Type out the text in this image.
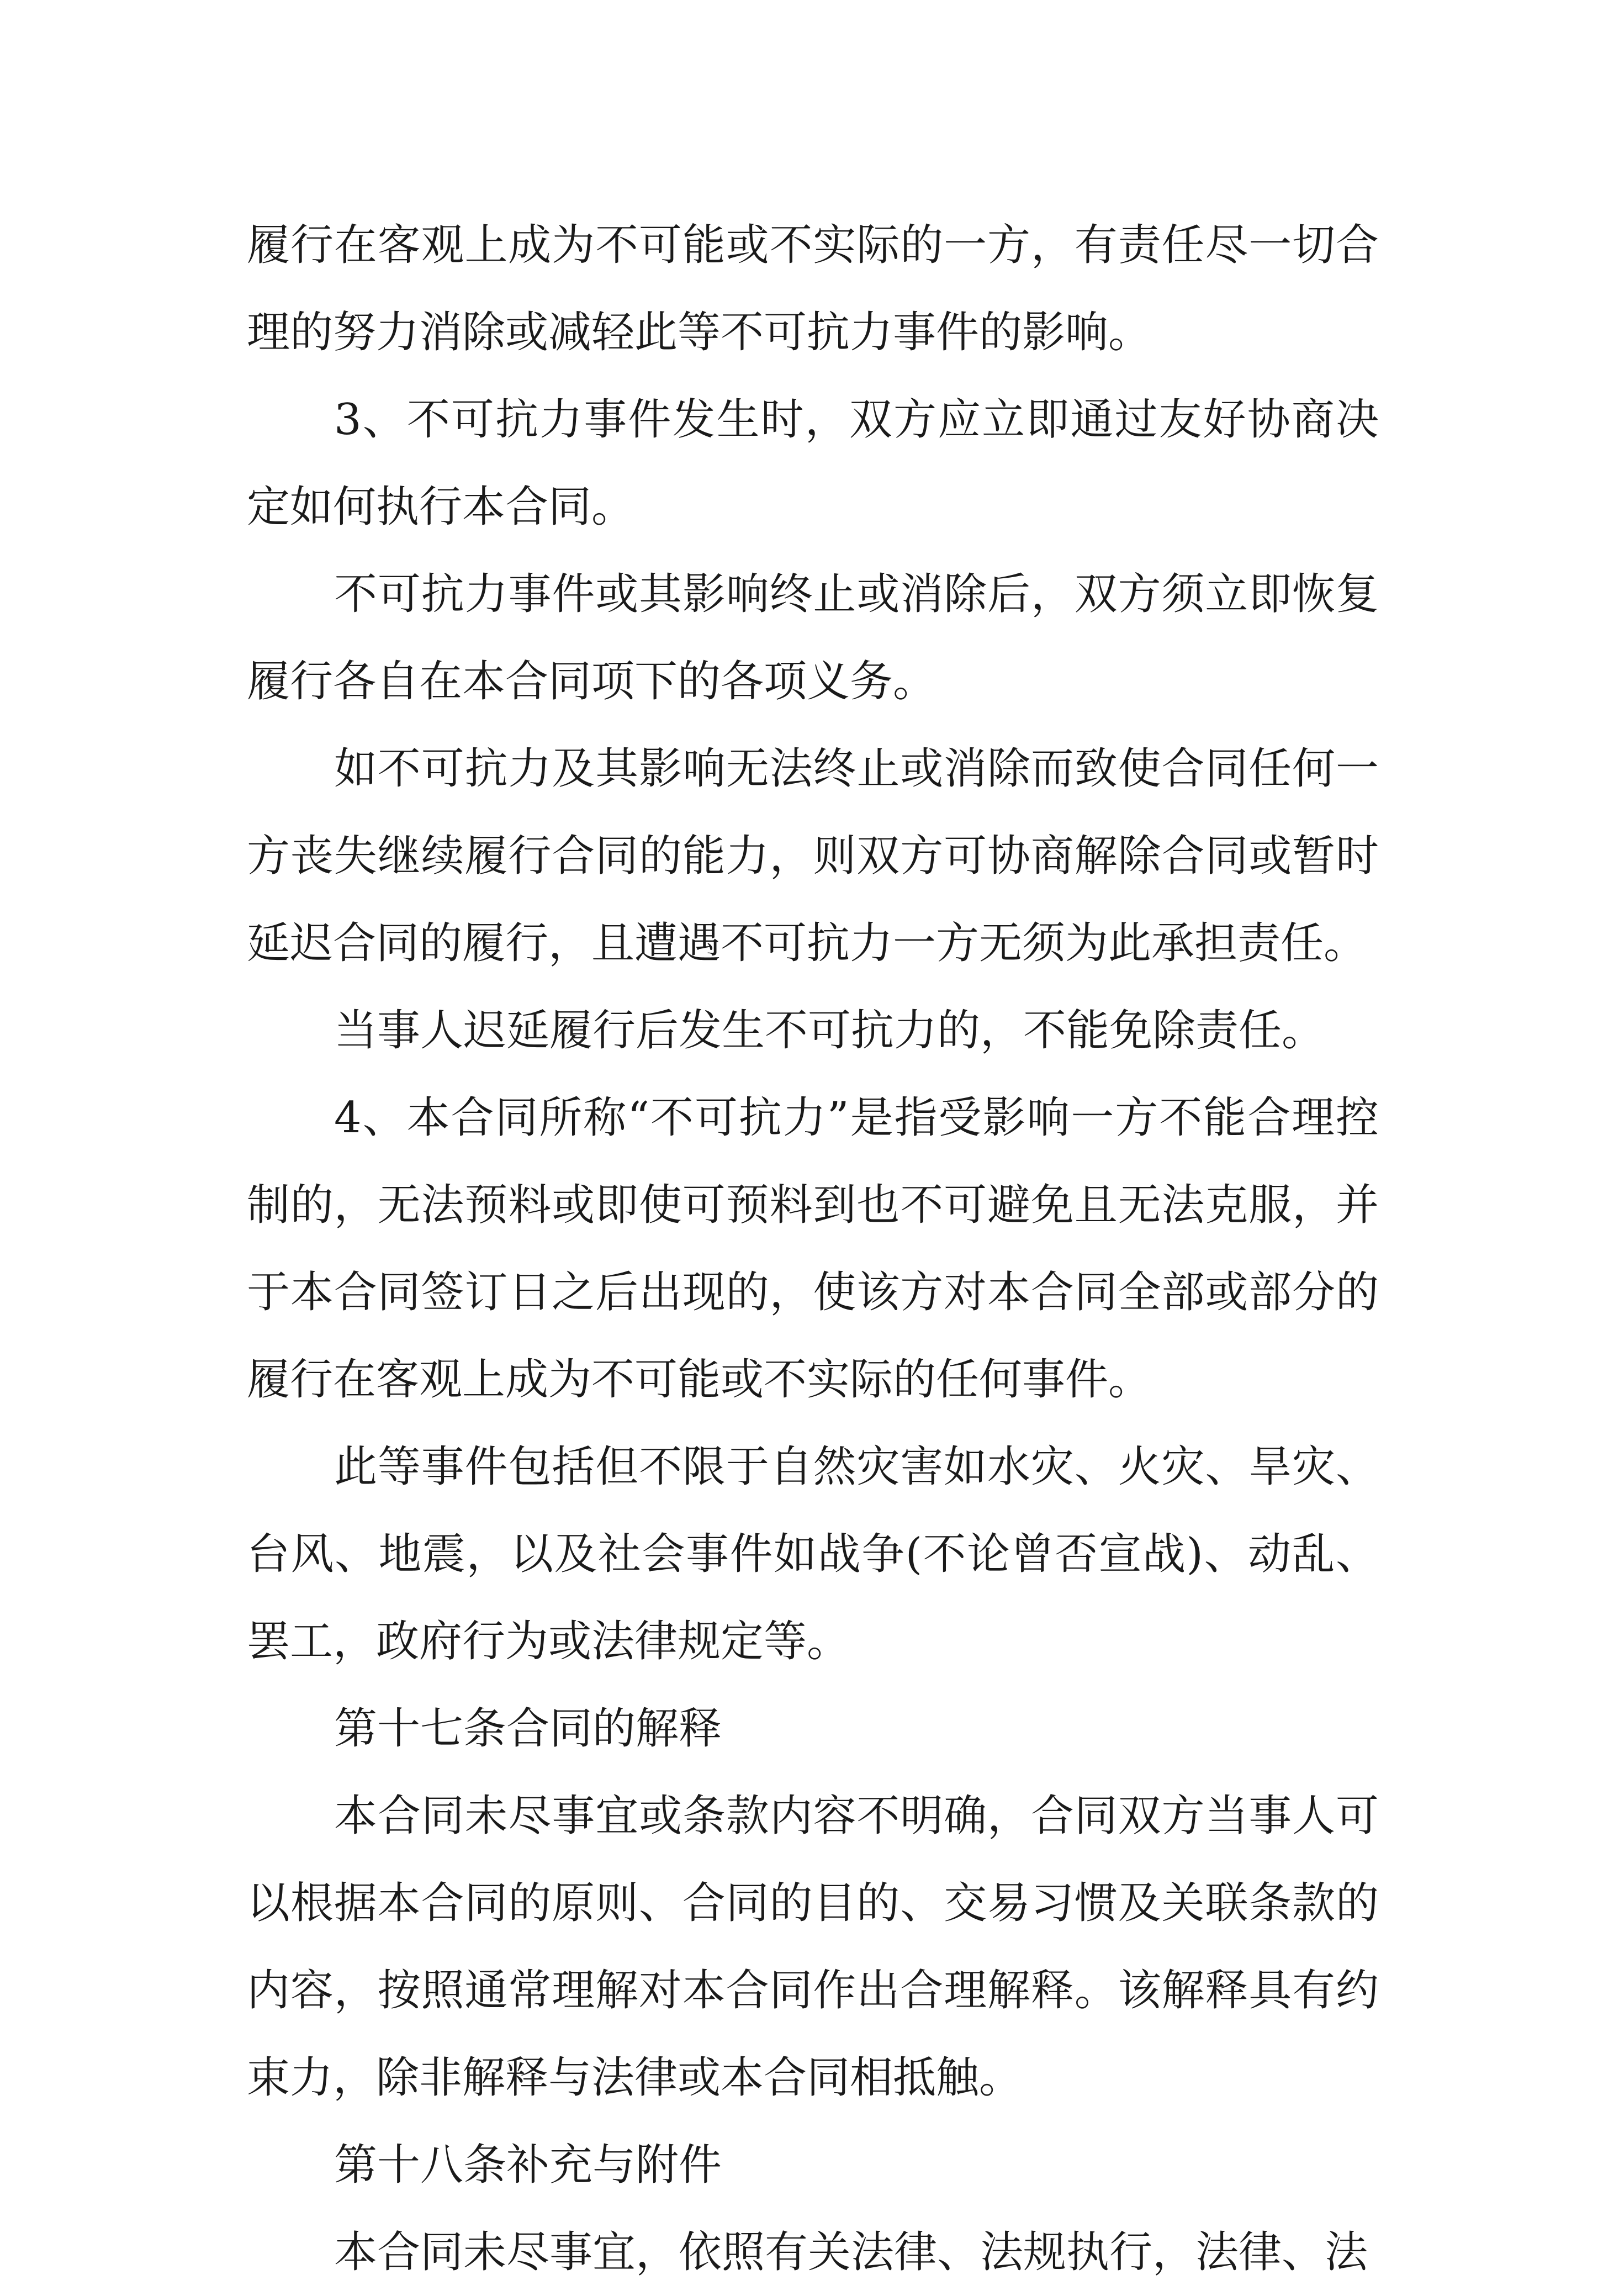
履行在客观上成为不可能或不实际的一方，有责任尽一切合理的努力消除或减轻此等不可抗力事件的影响。

3、不可抗力事件发生时，双方应立即通过友好协商决定如何执行本合同。

不可抗力事件或其影响终止或消除后，双方须立即恢复履行各自在本合同项下的各项义务。

如不可抗力及其影响无法终止或消除而致使合同任何一方丧失继续履行合同的能力，则双方可协商解除合同或暂时延迟合同的履行，且遭遇不可抗力一方无须为此承担责任。

当事人迟延履行后发生不可抗力的，不能免除责任。

4、本合同所称“不可抗力”是指受影响一方不能合理控制的，无法预料或即使可预料到也不可避免且无法克服，并于本合同签订日之后出现的，使该方对本合同全部或部分的履行在客观上成为不可能或不实际的任何事件。

此等事件包括但不限于自然灾害如水灾、火灾、旱灾、台风、地震，以及社会事件如战争(不论曾否宣战)、动乱、罢工，政府行为或法律规定等。

第十七条合同的解释

本合同未尽事宜或条款内容不明确，合同双方当事人可以根据本合同的原则、合同的目的、交易习惯及关联条款的内容，按照通常理解对本合同作出合理解释。该解释具有约束力，除非解释与法律或本合同相抵触。

第十八条补充与附件

本合同未尽事宜，依照有关法律、法规执行，法律、法
